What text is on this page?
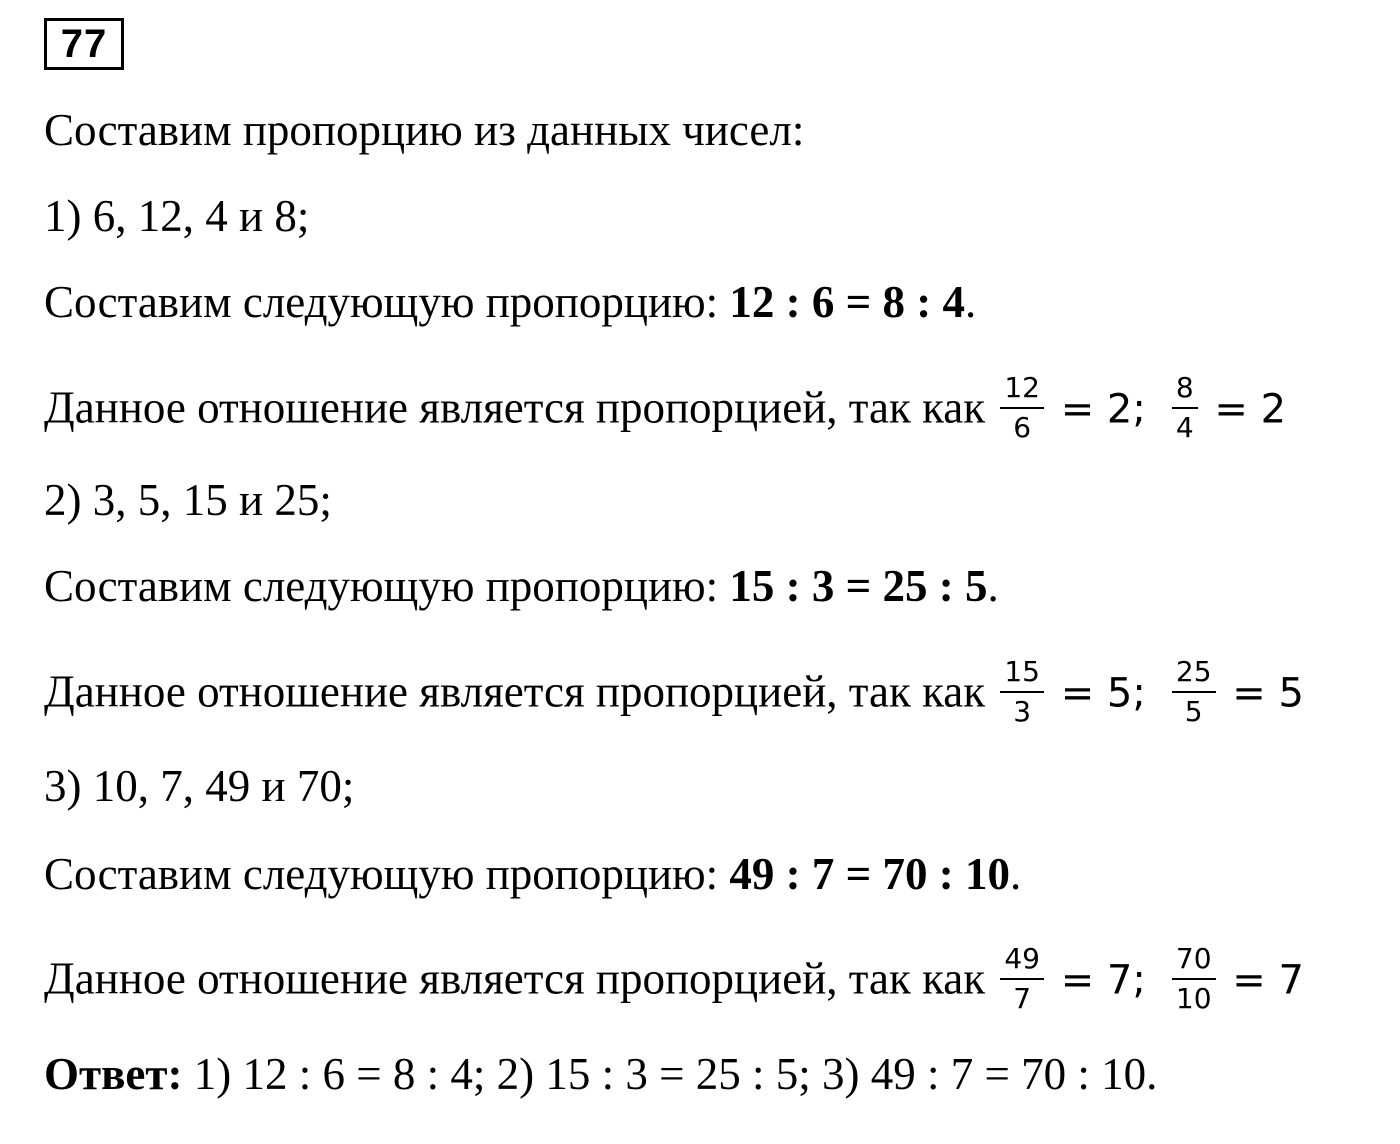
77
Составим пропорцию из данных чисел:
1) 6, 12, 4 и 8;
Составим следующую пропорцию: 12 : 6 = 8 : 4.
Данное отношение является пропорцией, так как $\frac{12}{6} = 2$; $\frac{8}{4} = 2$
2) 3, 5, 15 и 25;
Составим следующую пропорцию: 15 : 3 = 25 : 5.
Данное отношение является пропорцией, так как $\frac{15}{3} = 5$; $\frac{25}{5} = 5$
3) 10, 7, 49 и 70;
Составим следующую пропорцию: 49 : 7 = 70 : 10.
Данное отношение является пропорцией, так как $\frac{49}{7} = 7$; $\frac{70}{10} = 7$
Ответ: 1) 12 : 6 = 8 : 4; 2) 15 : 3 = 25 : 5; 3) 49 : 7 = 70 : 10.
